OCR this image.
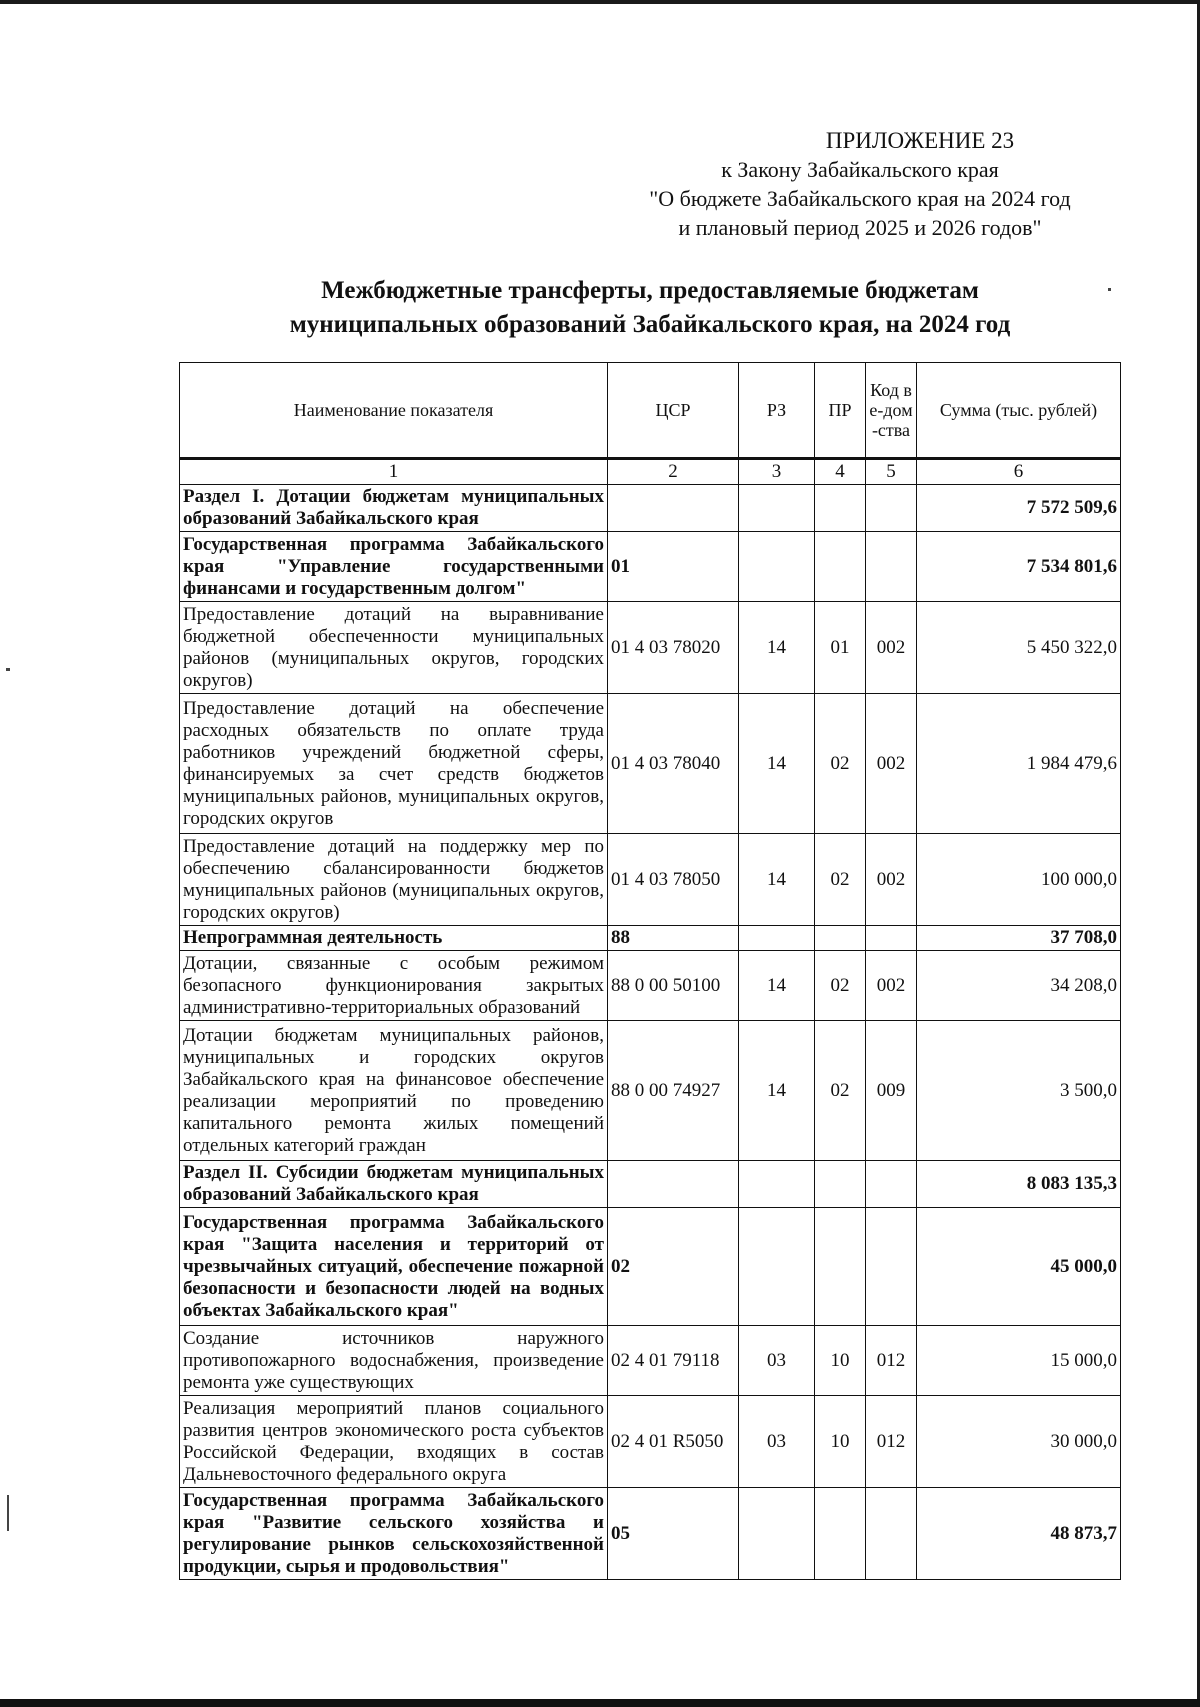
ПРИЛОЖЕНИЕ 23
к Закону Забайкальского края
"О бюджете Забайкальского края на 2024 год
и плановый период 2025 и 2026 годов"
Межбюджетные трансферты, предоставляемые бюджетам
муниципальных образований Забайкальского края, на 2024 год
Наименование показателя	ЦСР	РЗ	ПР	Код ве-дом-ства	Сумма (тыс. рублей)
1	2	3	4	5	6
Раздел I. Дотации бюджетам муниципальных образований Забайкальского края					7 572 509,6
Государственная программа Забайкальского края "Управление государственными финансами и государственным долгом"	01				7 534 801,6
Предоставление дотаций на выравнивание бюджетной обеспеченности муниципальных районов (муниципальных округов, городских округов)	01 4 03 78020	14	01	002	5 450 322,0
Предоставление дотаций на обеспечение расходных обязательств по оплате труда работников учреждений бюджетной сферы, финансируемых за счет средств бюджетов муниципальных районов, муниципальных округов, городских округов	01 4 03 78040	14	02	002	1 984 479,6
Предоставление дотаций на поддержку мер по обеспечению сбалансированности бюджетов муниципальных районов (муниципальных округов, городских округов)	01 4 03 78050	14	02	002	100 000,0
Непрограммная деятельность	88				37 708,0
Дотации, связанные с особым режимом безопасного функционирования закрытых административно-территориальных образований	88 0 00 50100	14	02	002	34 208,0
Дотации бюджетам муниципальных районов, муниципальных и городских округов Забайкальского края на финансовое обеспечение реализации мероприятий по проведению капитального ремонта жилых помещений отдельных категорий граждан	88 0 00 74927	14	02	009	3 500,0
Раздел II. Субсидии бюджетам муниципальных образований Забайкальского края					8 083 135,3
Государственная программа Забайкальского края "Защита населения и территорий от чрезвычайных ситуаций, обеспечение пожарной безопасности и безопасности людей на водных объектах Забайкальского края"	02				45 000,0
Создание источников наружного противопожарного водоснабжения, произведение ремонта уже существующих	02 4 01 79118	03	10	012	15 000,0
Реализация мероприятий планов социального развития центров экономического роста субъектов Российской Федерации, входящих в состав Дальневосточного федерального округа	02 4 01 R5050	03	10	012	30 000,0
Государственная программа Забайкальского края "Развитие сельского хозяйства и регулирование рынков сельскохозяйственной продукции, сырья и продовольствия"	05				48 873,7
